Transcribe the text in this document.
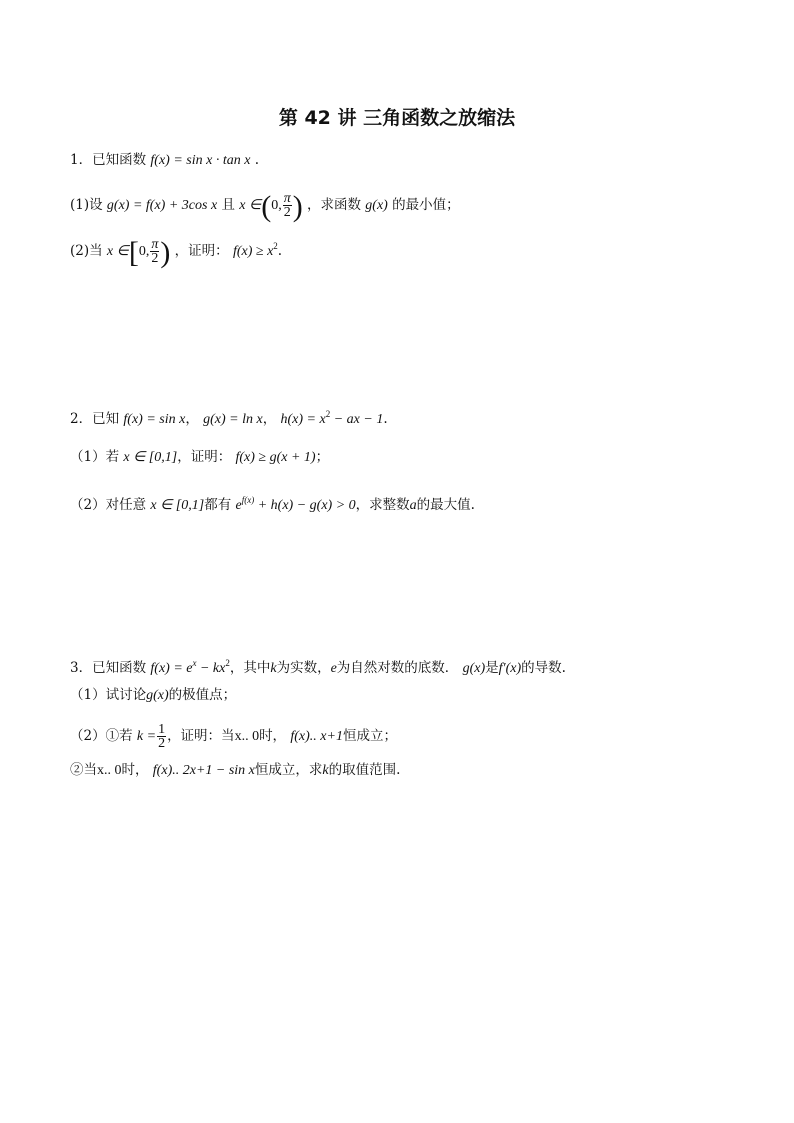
第 42 讲 三角函数之放缩法
1．已知函数 f(x) = sin x · tan x .
(1)设 g(x) = f(x) + 3cos x 且 x ∈(0, $\frac{\pi}{2}$ ) ，求函数 g(x) 的最小值；
(2)当 x ∈[0, $\frac{\pi}{2}$ ) ，证明： $f(x) \ge x^2$.
2．已知 f(x) = sin x， g(x) = ln x， $h(x) = x^2$ − ax − 1.
（1）若 x ∈ [0,1]，证明： f(x) ≥ g(x + 1)；
（2）对任意 x ∈ [0,1]都有 $e^{f(x)} + h(x) - g(x) > 0$，求整数a的最大值.
3．已知函数 $f(x) = e^x - kx^2$，其中k为实数，e为自然对数的底数． g(x)是f′(x)的导数.
（1）试讨论g(x)的极值点；
（2）①若 $k = \frac{1}{2}$ ，证明：当x.. 0时， f(x).. x+1恒成立；
②当x.. 0时， f(x).. 2x+1 − sin x恒成立，求k的取值范围.
